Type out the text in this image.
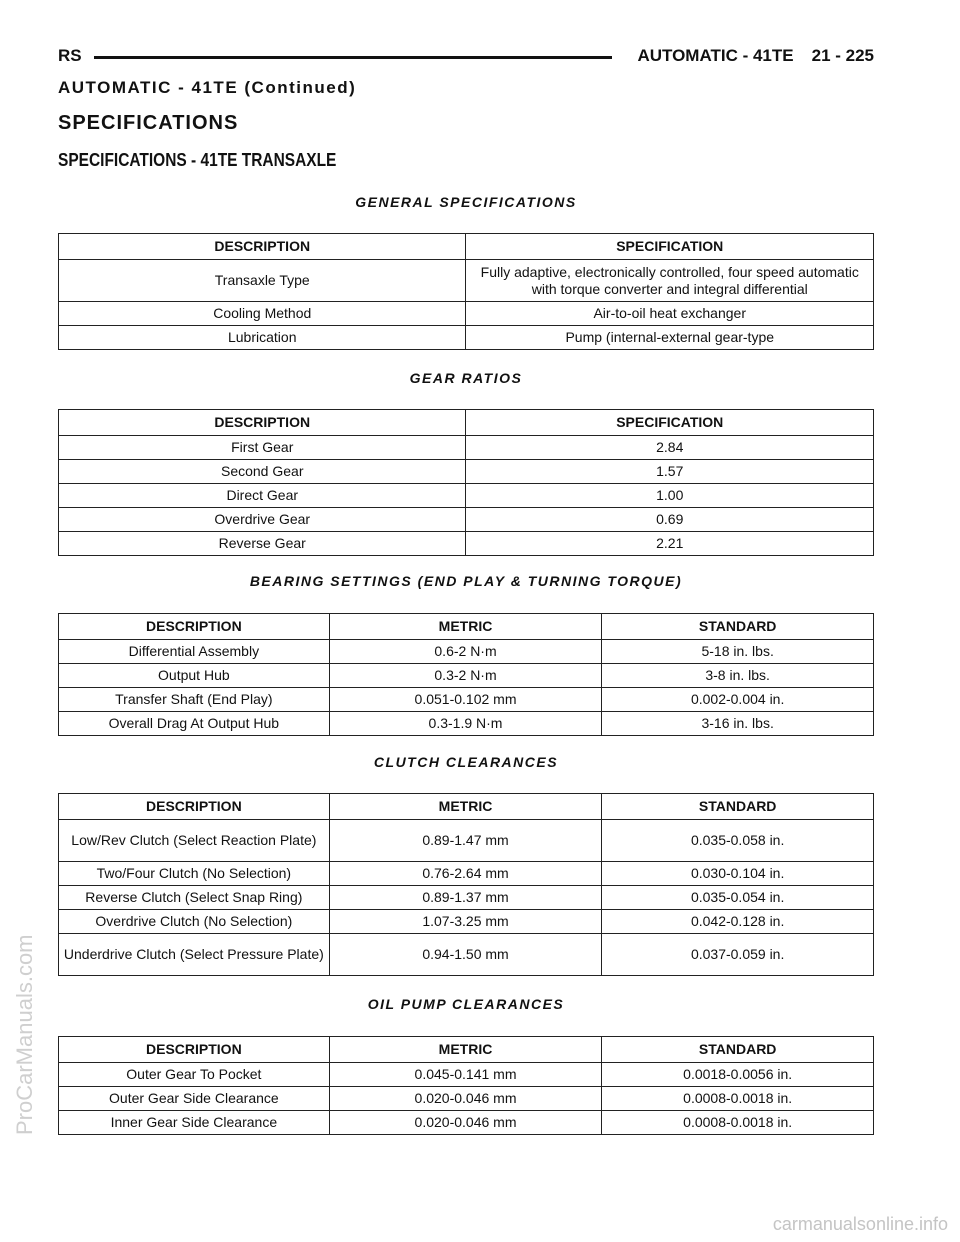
RS	AUTOMATIC - 41TE 21 - 225
AUTOMATIC - 41TE (Continued)
SPECIFICATIONS
SPECIFICATIONS - 41TE TRANSAXLE
GENERAL SPECIFICATIONS
DESCRIPTION	SPECIFICATION
Transaxle Type	Fully adaptive, electronically controlled, four speed automatic with torque converter and integral differential
Cooling Method	Air-to-oil heat exchanger
Lubrication	Pump (internal-external gear-type
GEAR RATIOS
DESCRIPTION	SPECIFICATION
First Gear	2.84
Second Gear	1.57
Direct Gear	1.00
Overdrive Gear	0.69
Reverse Gear	2.21
BEARING SETTINGS (END PLAY & TURNING TORQUE)
DESCRIPTION	METRIC	STANDARD
Differential Assembly	0.6-2 N·m	5-18 in. lbs.
Output Hub	0.3-2 N·m	3-8 in. lbs.
Transfer Shaft (End Play)	0.051-0.102 mm	0.002-0.004 in.
Overall Drag At Output Hub	0.3-1.9 N·m	3-16 in. lbs.
CLUTCH CLEARANCES
DESCRIPTION	METRIC	STANDARD
Low/Rev Clutch (Select Reaction Plate)	0.89-1.47 mm	0.035-0.058 in.
Two/Four Clutch (No Selection)	0.76-2.64 mm	0.030-0.104 in.
Reverse Clutch (Select Snap Ring)	0.89-1.37 mm	0.035-0.054 in.
Overdrive Clutch (No Selection)	1.07-3.25 mm	0.042-0.128 in.
Underdrive Clutch (Select Pressure Plate)	0.94-1.50 mm	0.037-0.059 in.
OIL PUMP CLEARANCES
DESCRIPTION	METRIC	STANDARD
Outer Gear To Pocket	0.045-0.141 mm	0.0018-0.0056 in.
Outer Gear Side Clearance	0.020-0.046 mm	0.0008-0.0018 in.
Inner Gear Side Clearance	0.020-0.046 mm	0.0008-0.0018 in.
ProCarManuals.com
carmanualsonline.info
